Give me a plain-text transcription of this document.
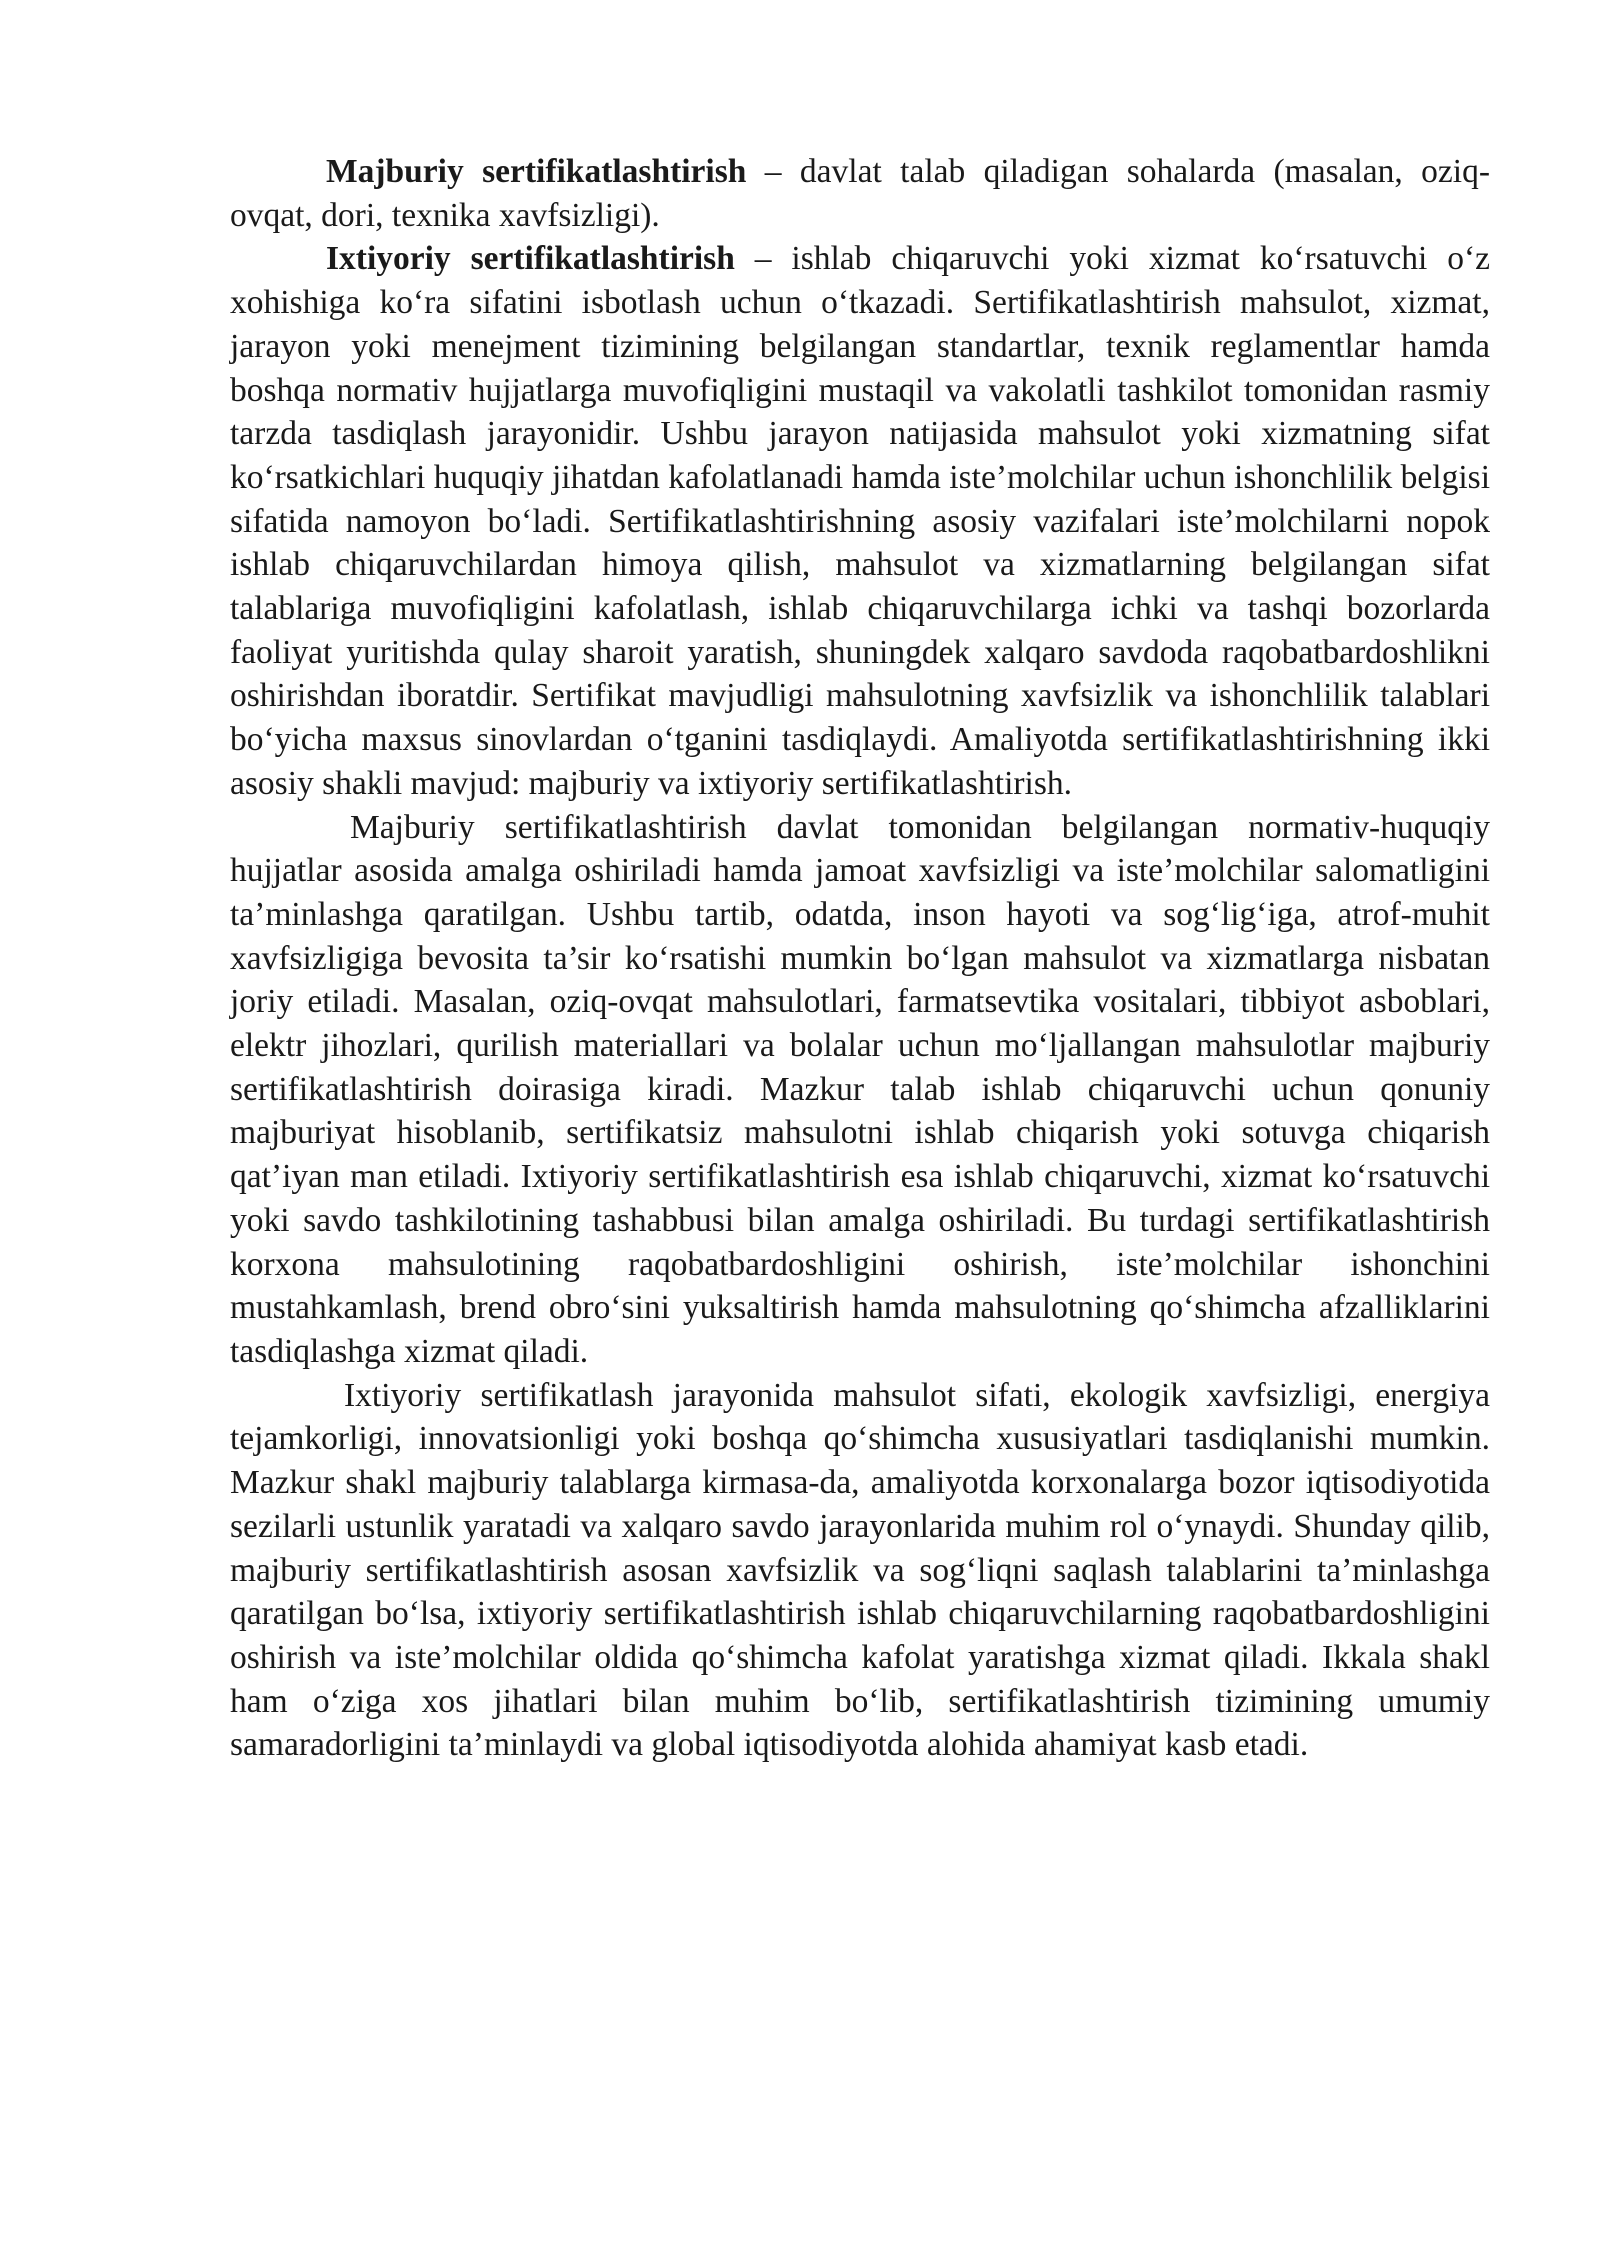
Majburiy sertifikatlashtirish – davlat talab qiladigan sohalarda (masalan, oziq-ovqat, dori, texnika xavfsizligi).

Ixtiyoriy sertifikatlashtirish – ishlab chiqaruvchi yoki xizmat ko‘rsatuvchi o‘z xohishiga ko‘ra sifatini isbotlash uchun o‘tkazadi. Sertifikatlashtirish mahsulot, xizmat, jarayon yoki menejment tizimining belgilangan standartlar, texnik reglamentlar hamda boshqa normativ hujjatlarga muvofiqligini mustaqil va vakolatli tashkilot tomonidan rasmiy tarzda tasdiqlash jarayonidir. Ushbu jarayon natijasida mahsulot yoki xizmatning sifat ko‘rsatkichlari huquqiy jihatdan kafolatlanadi hamda iste’molchilar uchun ishonchlilik belgisi sifatida namoyon bo‘ladi. Sertifikatlashtirishning asosiy vazifalari iste’molchilarni nopok ishlab chiqaruvchilardan himoya qilish, mahsulot va xizmatlarning belgilangan sifat talablariga muvofiqligini kafolatlash, ishlab chiqaruvchilarga ichki va tashqi bozorlarda faoliyat yuritishda qulay sharoit yaratish, shuningdek xalqaro savdoda raqobatbardoshlikni oshirishdan iboratdir. Sertifikat mavjudligi mahsulotning xavfsizlik va ishonchlilik talablari bo‘yicha maxsus sinovlardan o‘tganini tasdiqlaydi. Amaliyotda sertifikatlashtirishning ikki asosiy shakli mavjud: majburiy va ixtiyoriy sertifikatlashtirish.

Majburiy sertifikatlashtirish davlat tomonidan belgilangan normativ-huquqiy hujjatlar asosida amalga oshiriladi hamda jamoat xavfsizligi va iste’molchilar salomatligini ta’minlashga qaratilgan. Ushbu tartib, odatda, inson hayoti va sog‘lig‘iga, atrof-muhit xavfsizligiga bevosita ta’sir ko‘rsatishi mumkin bo‘lgan mahsulot va xizmatlarga nisbatan joriy etiladi. Masalan, oziq-ovqat mahsulotlari, farmatsevtika vositalari, tibbiyot asboblari, elektr jihozlari, qurilish materiallari va bolalar uchun mo‘ljallangan mahsulotlar majburiy sertifikatlashtirish doirasiga kiradi. Mazkur talab ishlab chiqaruvchi uchun qonuniy majburiyat hisoblanib, sertifikatsiz mahsulotni ishlab chiqarish yoki sotuvga chiqarish qat’iyan man etiladi. Ixtiyoriy sertifikatlashtirish esa ishlab chiqaruvchi, xizmat ko‘rsatuvchi yoki savdo tashkilotining tashabbusi bilan amalga oshiriladi. Bu turdagi sertifikatlashtirish korxona mahsulotining raqobatbardoshligini oshirish, iste’molchilar ishonchini mustahkamlash, brend obro‘sini yuksaltirish hamda mahsulotning qo‘shimcha afzalliklarini tasdiqlashga xizmat qiladi.

Ixtiyoriy sertifikatlash jarayonida mahsulot sifati, ekologik xavfsizligi, energiya tejamkorligi, innovatsionligi yoki boshqa qo‘shimcha xususiyatlari tasdiqlanishi mumkin. Mazkur shakl majburiy talablarga kirmasa-da, amaliyotda korxonalarga bozor iqtisodiyotida sezilarli ustunlik yaratadi va xalqaro savdo jarayonlarida muhim rol o‘ynaydi. Shunday qilib, majburiy sertifikatlashtirish asosan xavfsizlik va sog‘liqni saqlash talablarini ta’minlashga qaratilgan bo‘lsa, ixtiyoriy sertifikatlashtirish ishlab chiqaruvchilarning raqobatbardoshligini oshirish va iste’molchilar oldida qo‘shimcha kafolat yaratishga xizmat qiladi. Ikkala shakl ham o‘ziga xos jihatlari bilan muhim bo‘lib, sertifikatlashtirish tizimining umumiy samaradorligini ta’minlaydi va global iqtisodiyotda alohida ahamiyat kasb etadi.
